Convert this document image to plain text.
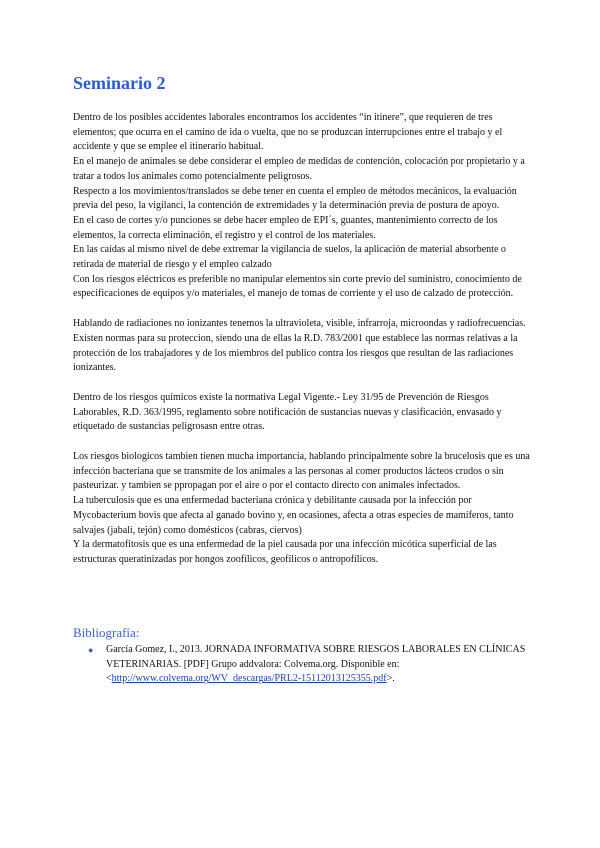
Seminario 2

Dentro de los posibles accidentes laborales encontramos los accidentes “in itinere”, que requieren de tres elementos; que ocurra en el camino de ida o vuelta, que no se produzcan interrupciones entre el trabajo y el accidente y que se emplee el itinerario habitual.

En el manejo de animales se debe considerar el empleo de medidas de contención, colocación por propietario y a tratar a todos los animales como potencialmente peligrosos.

Respecto a los movimientos/translados se debe tener en cuenta el empleo de métodos mecánicos, la evaluación previa del peso, la vigilanci, la contención de extremidades y la determinación previa de postura de apoyo.

En el caso de cortes y/o punciones se debe hacer empleo de EPI´s, guantes, mantenimiento correcto de los elementos, la correcta eliminación, el registro y el control de los materiales.

En las caídas al mismo nivel de debe extremar la vigilancia de suelos, la aplicación de material absorbente o retirada de material de riesgo y el empleo calzado

Con los riesgos eléctricos es preferible no manipular elementos sin corte previo del suministro, conocimiento de especificaciones de equipos y/o materiales, el manejo de tomas de corriente y el uso de calzado de protección.

Hablando de radiaciones no ionizantes tenemos la ultravioleta, visible, infrarroja, microondas y radiofrecuencias. Existen normas para su proteccion, siendo una de ellas la R.D. 783/2001 que establece las normas relativas a la protección de los trabajadores y de los miembros del publico contra los riesgos que resultan de las radiaciones ionizantes.

Dentro de los riesgos químicos existe la normativa Legal Vigente.- Ley 31/95 de Prevención de Riesgos Laborables, R.D. 363/1995, reglamento sobre notificación de sustancias nuevas y clasificación, envasado y etiquetado de sustancias peligrosasn entre otras.

Los riesgos biologicos tambien tienen mucha importancia, hablando principalmente sobre la brucelosis que es una infección bacteriana que se transmite de los animales a las personas al comer productos lácteos crudos o sin pasteurizar. y tambien se ppropagan por el aire o por el contacto directo con animales infectados.

La tuberculosis que es una enfermedad bacteriana crónica y debilitante causada por la infección por Mycobacterium bovis que afecta al ganado bovino y, en ocasiones, afecta a otras especies de mamíferos, tanto salvajes (jabalí, tejón) como domésticos (cabras, ciervos)

Y la dermatofitosis que es una enfermedad de la piel causada por una infección micótica superficial de las estructuras queratinizadas por hongos zoofílicos, geofílicos o antropofílicos.

Bibliografía:
● García Gomez, I., 2013. JORNADA INFORMATIVA SOBRE RIESGOS LABORALES EN CLÍNICAS VETERINARIAS. [PDF] Grupo addvalora: Colvema.org. Disponible en: <http://www.colvema.org/WV_descargas/PRL2-15112013125355.pdf>.
